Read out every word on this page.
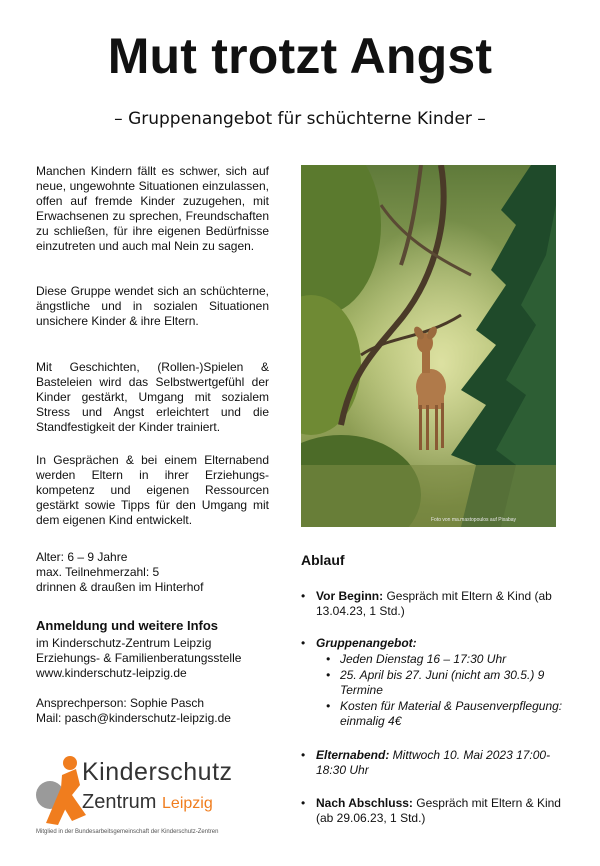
Mut trotzt Angst
– Gruppenangebot für schüchterne Kinder –

Manchen Kindern fällt es schwer, sich auf neue, ungewohnte Situationen einzulassen, offen auf fremde Kinder zuzugehen, mit Erwachsenen zu sprechen, Freundschaften zu schließen, für ihre eigenen Bedürfnisse einzutreten und auch mal Nein zu sagen.

Diese Gruppe wendet sich an schüchterne, ängstliche und in sozialen Situationen unsichere Kinder & ihre Eltern.

Mit Geschichten, (Rollen-)Spielen & Basteleien wird das Selbstwertgefühl der Kinder gestärkt, Umgang mit sozialem Stress und Angst erleichtert und die Standfestigkeit der Kinder trainiert.

In Gesprächen & bei einem Elternabend werden Eltern in ihrer Erziehungs-kompetenz und eigenen Ressourcen gestärkt sowie Tipps für den Umgang mit dem eigenen Kind entwickelt.

Alter: 6 – 9 Jahre
max. Teilnehmerzahl: 5
drinnen & draußen im Hinterhof
Anmeldung und weitere Infos
im Kinderschutz-Zentrum Leipzig
Erziehungs- & Familienberatungsstelle
www.kinderschutz-leipzig.de
Ansprechperson: Sophie Pasch
Mail: pasch@kinderschutz-leipzig.de
Foto von ma.mastopoulos auf Pixabay
Ablauf
• Vor Beginn: Gespräch mit Eltern & Kind (ab 13.04.23, 1 Std.)
• Gruppenangebot:
• Jeden Dienstag 16 – 17:30 Uhr
• 25. April bis 27. Juni (nicht am 30.5.) 9 Termine
• Kosten für Material & Pausenverpflegung: einmalig 4€
• Elternabend: Mittwoch 10. Mai 2023 17:00-18:30 Uhr
• Nach Abschluss: Gespräch mit Eltern & Kind (ab 29.06.23, 1 Std.)
Kinderschutz
Zentrum Leipzig
Mitglied in der Bundesarbeitsgemeinschaft der Kinderschutz-Zentren
